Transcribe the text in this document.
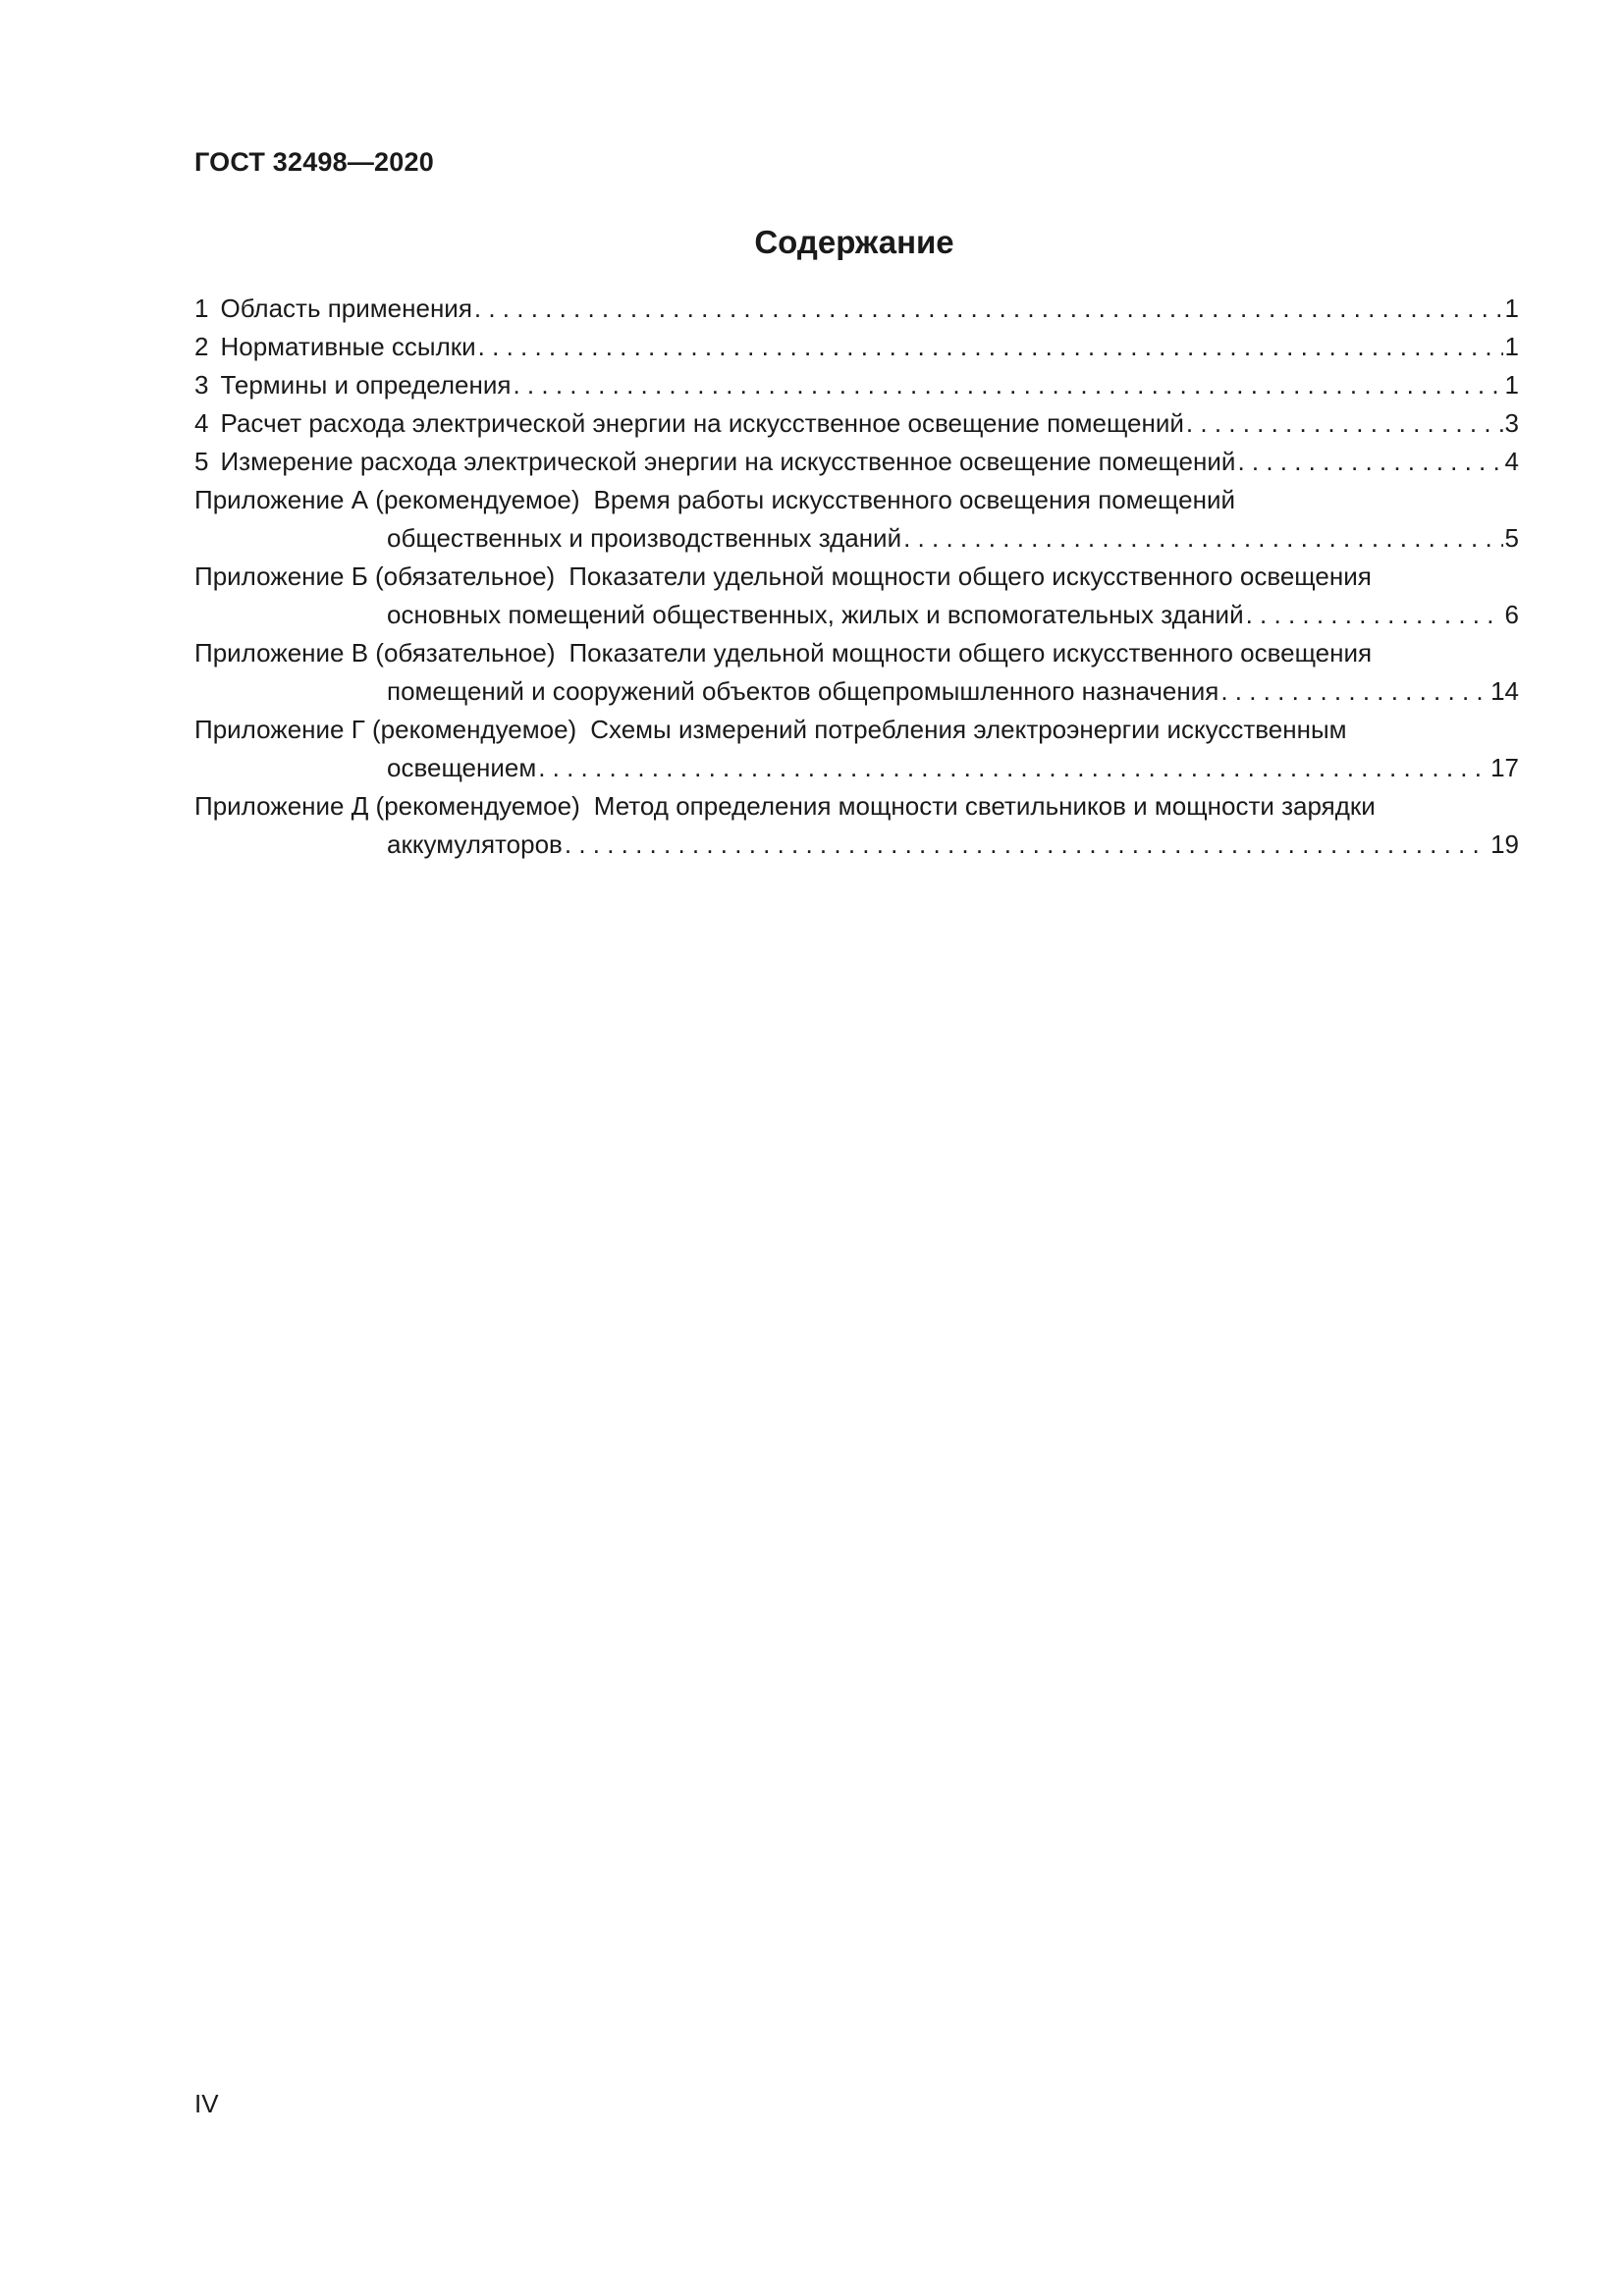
ГОСТ 32498—2020
Содержание
1 Область применения . . .	1
2 Нормативные ссылки . . .	1
3 Термины и определения . . .	1
4 Расчет расхода электрической энергии на искусственное освещение помещений . . .	3
5 Измерение расхода электрической энергии на искусственное освещение помещений . . .	4
Приложение А (рекомендуемое) Время работы искусственного освещения помещений
общественных и производственных зданий . . .	5
Приложение Б (обязательное) Показатели удельной мощности общего искусственного освещения
основных помещений общественных, жилых и вспомогательных зданий . . .	6
Приложение В (обязательное) Показатели удельной мощности общего искусственного освещения
помещений и сооружений объектов общепромышленного назначения . . .	14
Приложение Г (рекомендуемое) Схемы измерений потребления электроэнергии искусственным
освещением . . .	17
Приложение Д (рекомендуемое) Метод определения мощности светильников и мощности зарядки
аккумуляторов . . .	19
IV
